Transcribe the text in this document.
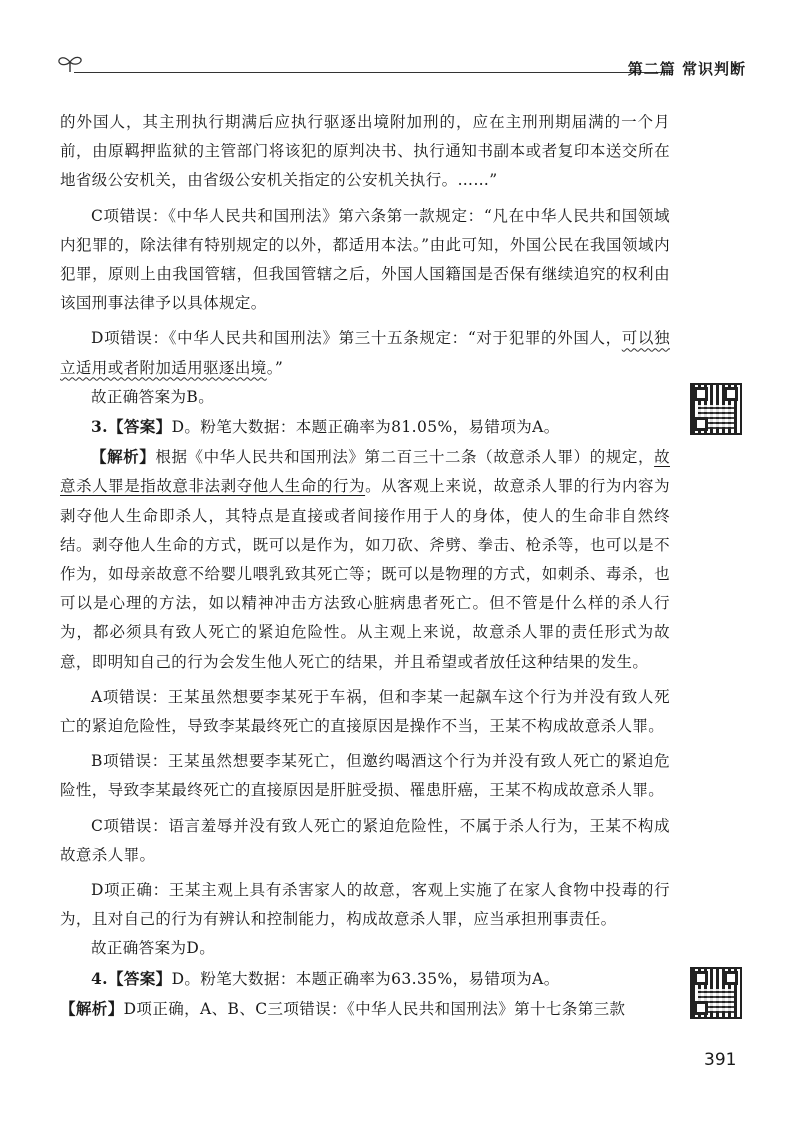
第二篇 常识判断

的外国人，其主刑执行期满后应执行驱逐出境附加刑的，应在主刑刑期届满的一个月前，由原羁押监狱的主管部门将该犯的原判决书、执行通知书副本或者复印本送交所在地省级公安机关，由省级公安机关指定的公安机关执行。……”

C项错误：《中华人民共和国刑法》第六条第一款规定：“凡在中华人民共和国领域内犯罪的，除法律有特别规定的以外，都适用本法。”由此可知，外国公民在我国领域内犯罪，原则上由我国管辖，但我国管辖之后，外国人国籍国是否保有继续追究的权利由该国刑事法律予以具体规定。

D项错误：《中华人民共和国刑法》第三十五条规定：“对于犯罪的外国人，可以独立适用或者附加适用驱逐出境。”

故正确答案为B。

3.【答案】D。粉笔大数据：本题正确率为81.05%，易错项为A。

【解析】根据《中华人民共和国刑法》第二百三十二条（故意杀人罪）的规定，故意杀人罪是指故意非法剥夺他人生命的行为。从客观上来说，故意杀人罪的行为内容为剥夺他人生命即杀人，其特点是直接或者间接作用于人的身体，使人的生命非自然终结。剥夺他人生命的方式，既可以是作为，如刀砍、斧劈、拳击、枪杀等，也可以是不作为，如母亲故意不给婴儿喂乳致其死亡等；既可以是物理的方式，如刺杀、毒杀，也可以是心理的方法，如以精神冲击方法致心脏病患者死亡。但不管是什么样的杀人行为，都必须具有致人死亡的紧迫危险性。从主观上来说，故意杀人罪的责任形式为故意，即明知自己的行为会发生他人死亡的结果，并且希望或者放任这种结果的发生。

A项错误：王某虽然想要李某死于车祸，但和李某一起飙车这个行为并没有致人死亡的紧迫危险性，导致李某最终死亡的直接原因是操作不当，王某不构成故意杀人罪。

B项错误：王某虽然想要李某死亡，但邀约喝酒这个行为并没有致人死亡的紧迫危险性，导致李某最终死亡的直接原因是肝脏受损、罹患肝癌，王某不构成故意杀人罪。

C项错误：语言羞辱并没有致人死亡的紧迫危险性，不属于杀人行为，王某不构成故意杀人罪。

D项正确：王某主观上具有杀害家人的故意，客观上实施了在家人食物中投毒的行为，且对自己的行为有辨认和控制能力，构成故意杀人罪，应当承担刑事责任。

故正确答案为D。

4.【答案】D。粉笔大数据：本题正确率为63.35%，易错项为A。

【解析】D项正确，A、B、C三项错误：《中华人民共和国刑法》第十七条第三款

391
